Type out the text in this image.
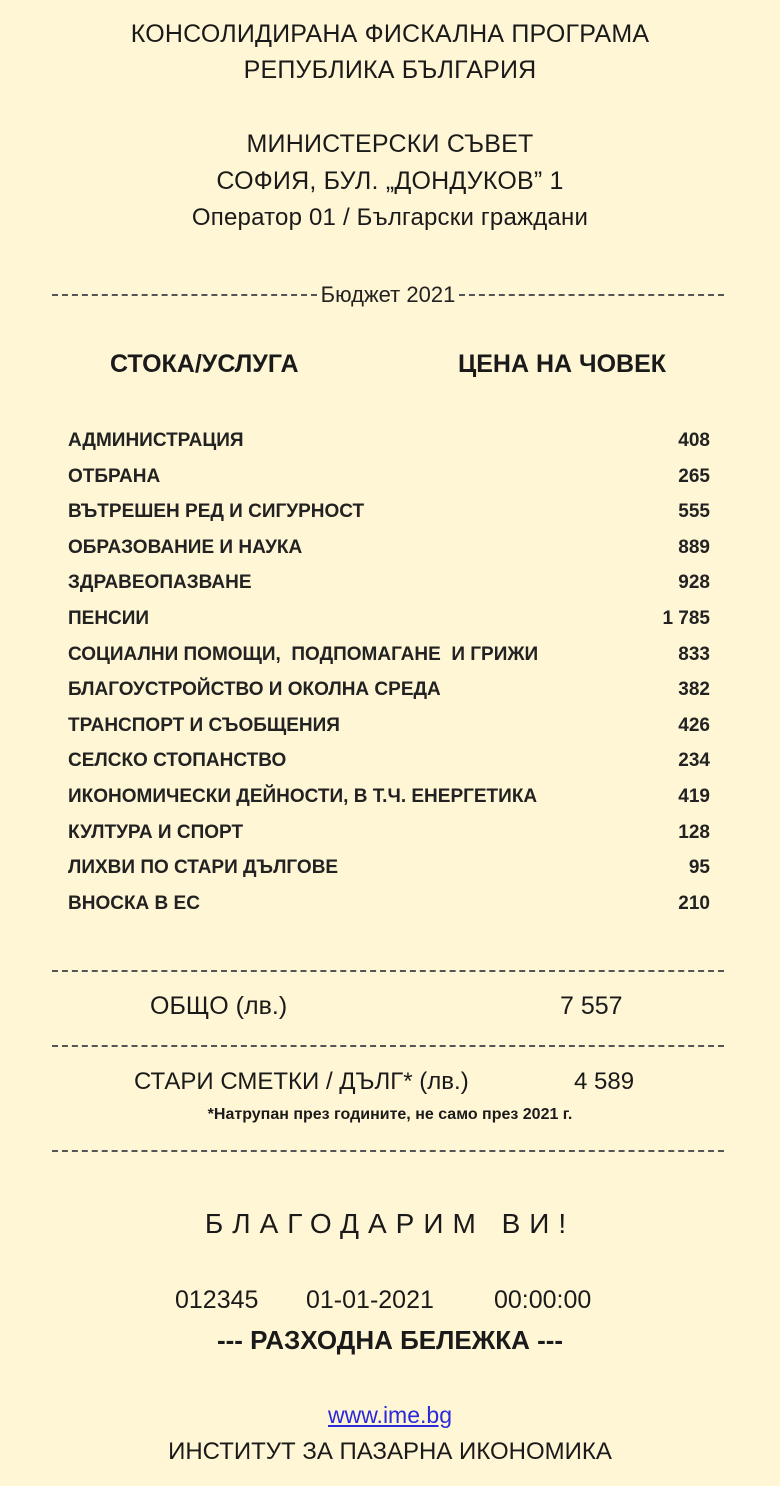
КОНСОЛИДИРАНА ФИСКАЛНА ПРОГРАМА
РЕПУБЛИКА БЪЛГАРИЯ
МИНИСТЕРСКИ СЪВЕТ
СОФИЯ, БУЛ. „ДОНДУКОВ” 1
Оператор 01 / Български граждани
Бюджет 2021
СТОКА/УСЛУГА	ЦЕНА НА ЧОВЕК
АДМИНИСТРАЦИЯ	408
ОТБРАНА	265
ВЪТРЕШЕН РЕД И СИГУРНОСТ	555
ОБРАЗОВАНИЕ И НАУКА	889
ЗДРАВЕОПАЗВАНЕ	928
ПЕНСИИ	1 785
СОЦИАЛНИ ПОМОЩИ,  ПОДПОМАГАНЕ  И ГРИЖИ	833
БЛАГОУСТРОЙСТВО И ОКОЛНА СРЕДА	382
ТРАНСПОРТ И СЪОБЩЕНИЯ	426
СЕЛСКО СТОПАНСТВО	234
ИКОНОМИЧЕСКИ ДЕЙНОСТИ, В Т.Ч. ЕНЕРГЕТИКА	419
КУЛТУРА И СПОРТ	128
ЛИХВИ ПО СТАРИ ДЪЛГОВЕ	95
ВНОСКА В ЕС	210
ОБЩО (лв.)	7 557
СТАРИ СМЕТКИ / ДЪЛГ* (лв.)	4 589
*Натрупан през годините, не само през 2021 г.
БЛАГОДАРИМ ВИ!
012345 01-01-2021 00:00:00
--- РАЗХОДНА БЕЛЕЖКА ---
www.ime.bg
ИНСТИТУТ ЗА ПАЗАРНА ИКОНОМИКА
